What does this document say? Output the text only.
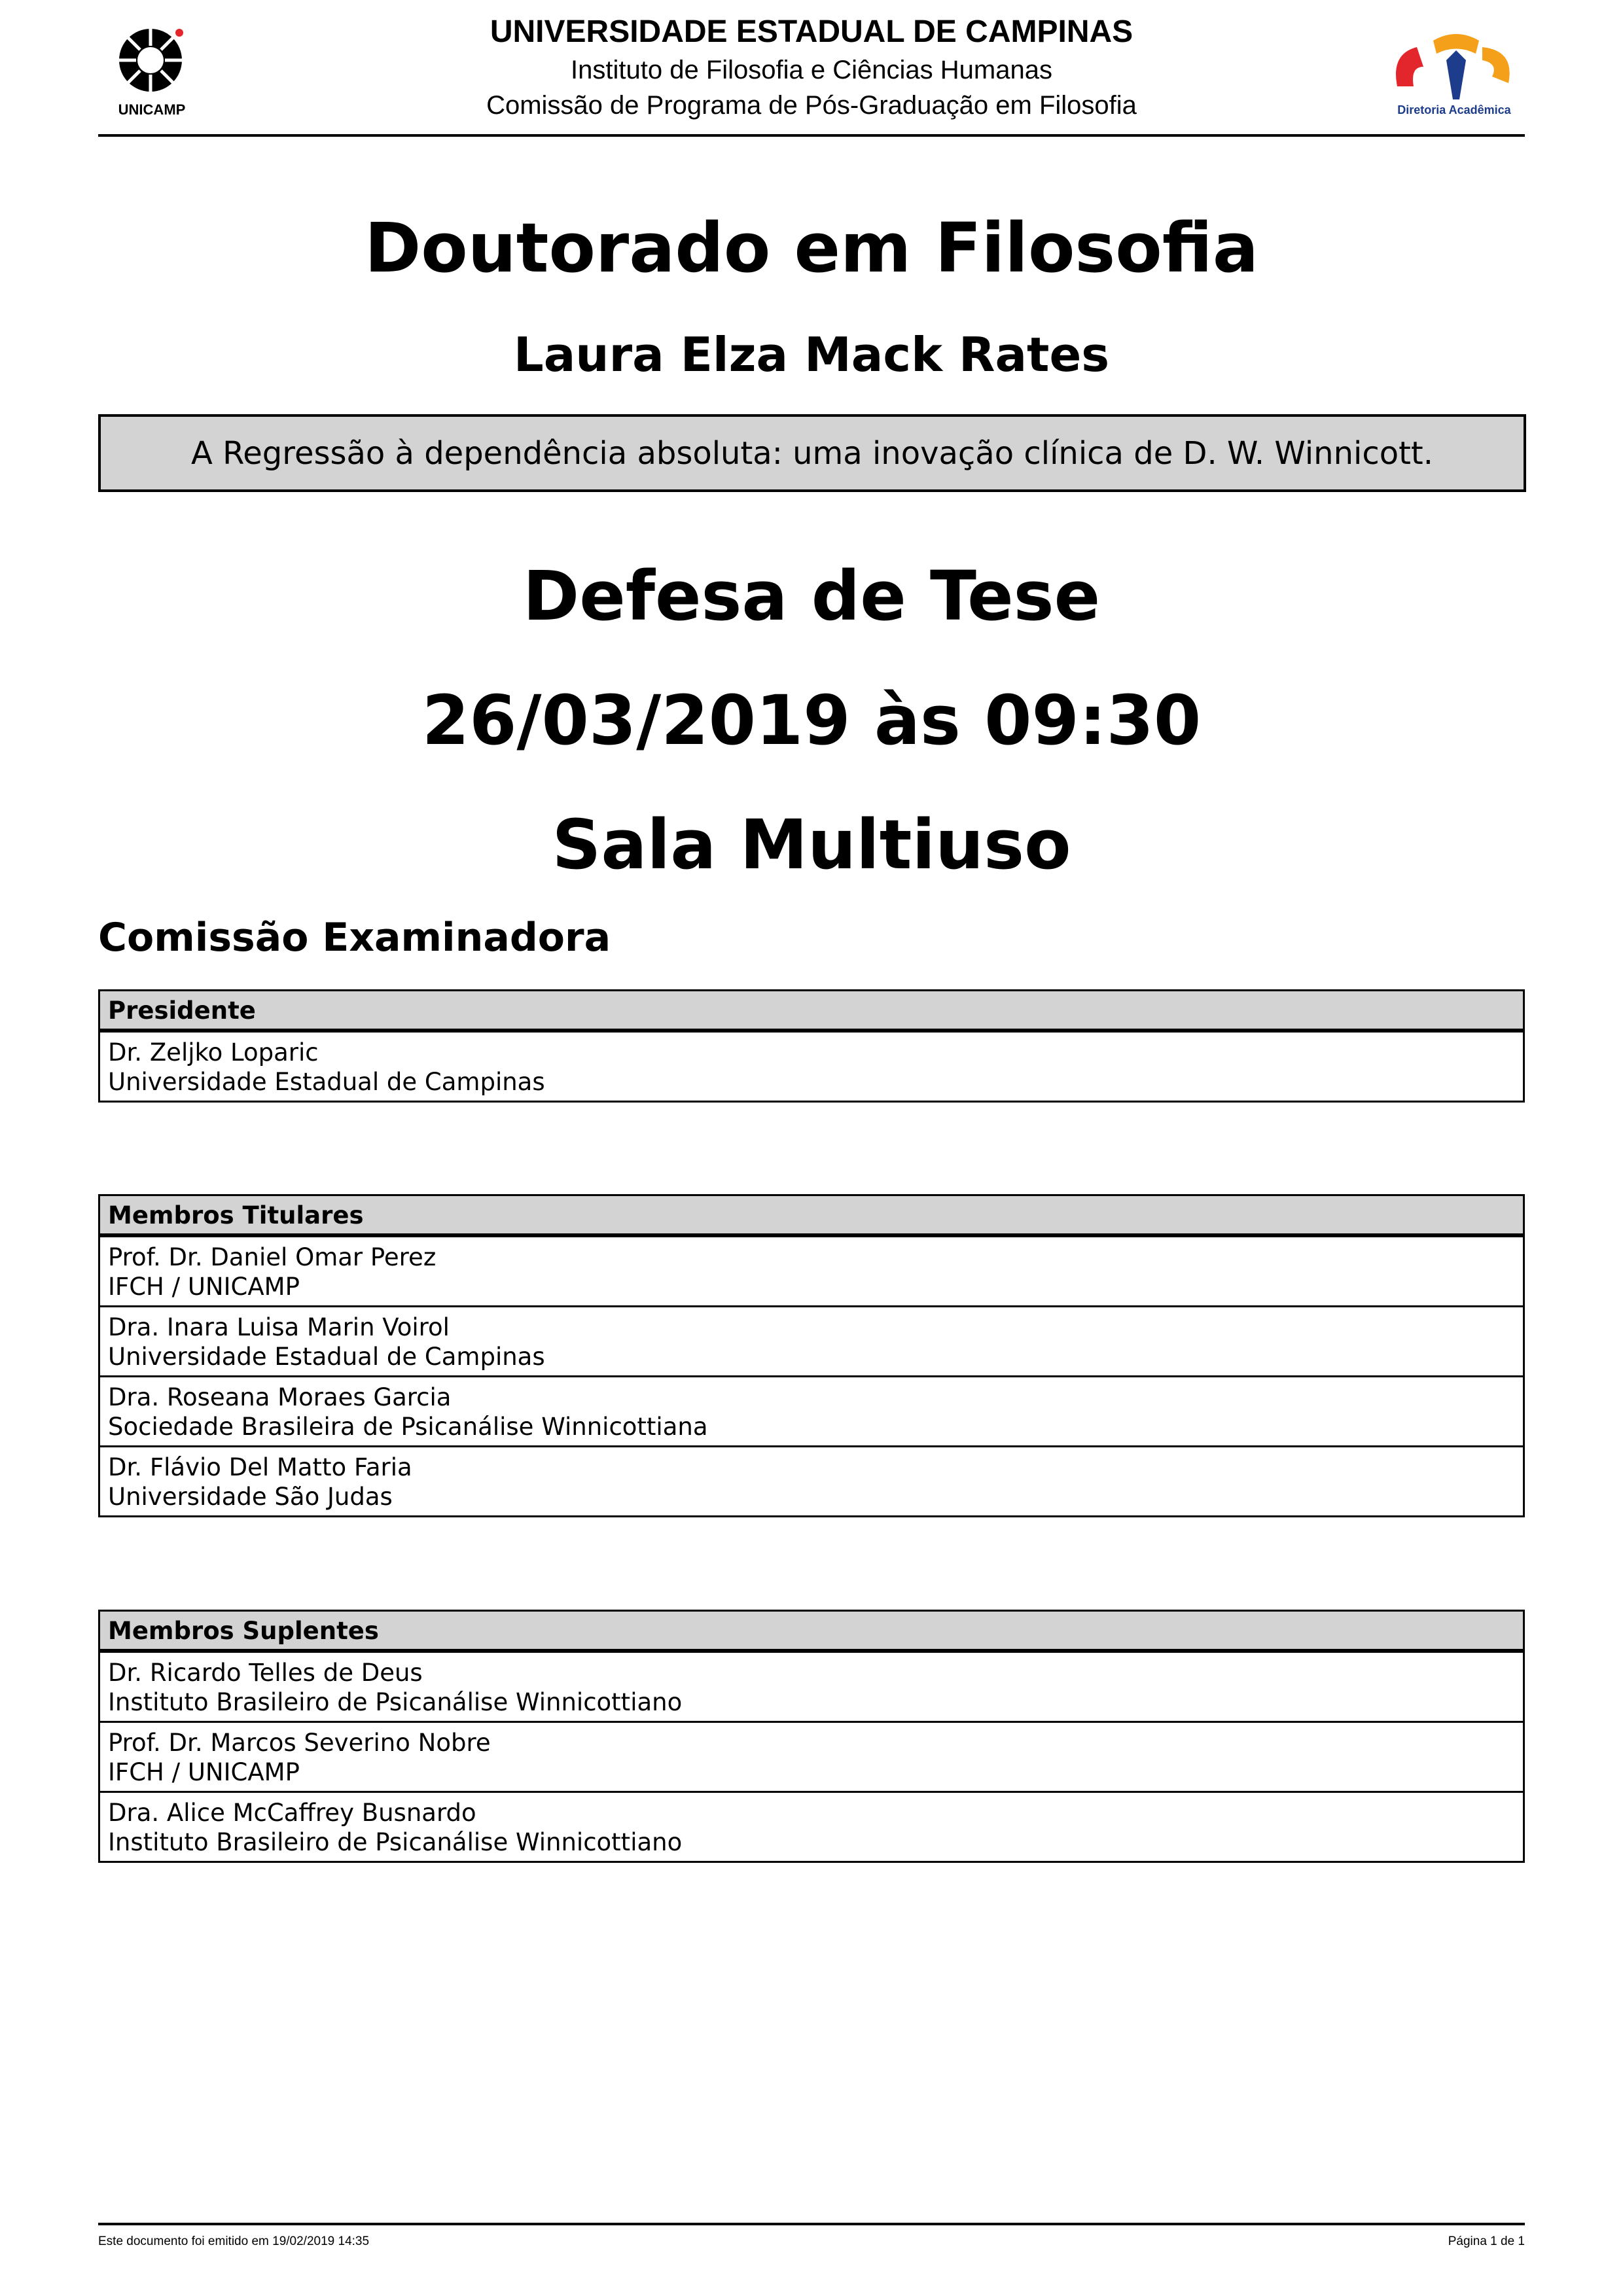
UNICAMP
UNIVERSIDADE ESTADUAL DE CAMPINAS
Instituto de Filosofia e Ciências Humanas
Comissão de Programa de Pós-Graduação em Filosofia	Diretoria Acadêmica
Doutorado em Filosofia
Laura Elza Mack Rates
A Regressão à dependência absoluta: uma inovação clínica de D. W. Winnicott.
Defesa de Tese
26/03/2019 às 09:30
Sala Multiuso
Comissão Examinadora
Presidente
Dr. Zeljko Loparic
Universidade Estadual de Campinas
Membros Titulares
Prof. Dr. Daniel Omar Perez
IFCH / UNICAMP
Dra. Inara Luisa Marin Voirol
Universidade Estadual de Campinas
Dra. Roseana Moraes Garcia
Sociedade Brasileira de Psicanálise Winnicottiana
Dr. Flávio Del Matto Faria
Universidade São Judas
Membros Suplentes
Dr. Ricardo Telles de Deus
Instituto Brasileiro de Psicanálise Winnicottiano
Prof. Dr. Marcos Severino Nobre
IFCH / UNICAMP
Dra. Alice McCaffrey Busnardo
Instituto Brasileiro de Psicanálise Winnicottiano
Este documento foi emitido em 19/02/2019 14:35	Página 1 de 1
